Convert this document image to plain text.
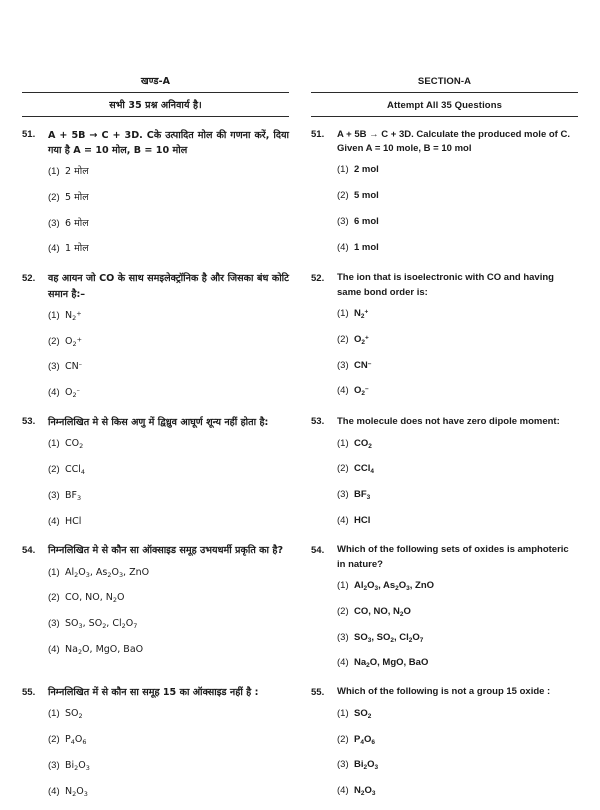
खण्ड-A
सभी 35 प्रश्न अनिवार्य है।
SECTION-A
Attempt All 35 Questions
51.	A + 5B → C + 3D. Cके उत्पादित मोल की गणना करें, दिया गया है A = 10 मोल, B = 10 मोल
(1) 2 मोल
(2) 5 मोल
(3) 6 मोल
(4) 1 मोल
51.	A + 5B → C + 3D. Calculate the produced mole of C. Given A = 10 mole, B = 10 mol
(1) 2 mol
(2) 5 mol
(3) 6 mol
(4) 1 mol
52.	वह आयन जो CO के साथ समइलेक्ट्रॉनिक है और जिसका बंध कोटि समान है:–
(1) $N_2^+$
(2) $O_2^+$
(3) CN–
(4) $O_2^-$
52.	The ion that is isoelectronic with CO and having same bond order is:
(1) $N_2^+$
(2) $O_2^+$
(3) CN–
(4) $O_2^-$
53.	निम्नलिखित मे से किस अणु में द्विध्रुव आघूर्ण शून्य नहीं होता है:
(1) $CO_2$
(2) CCl$_4$
(3) $BF_3$
(4) HCl
53.	The molecule does not have zero dipole moment:
(1) $CO_2$
(2) CCl$_4$
(3) $BF_3$
(4) HCl
54.	निम्नलिखित मे से कौन सा ऑक्साइड समूह उभयधर्मी प्रकृति का है?
(1) $Al_2O_3$, $As_2O_3$, ZnO
(2) CO, NO, $N_2O$
(3) $SO_3$, $SO_2$, $Cl_2O_7$
(4) $Na_2O$, MgO, BaO
54.	Which of the following sets of oxides is amphoteric in nature?
(1) $Al_2O_3$, $As_2O_3$, ZnO
(2) CO, NO, $N_2O$
(3) $SO_3$, $SO_2$, $Cl_2O_7$
(4) $Na_2O$, MgO, BaO
55.	निम्नलिखित में से कौन सा समूह 15 का ऑक्साइड नहीं है :
(1) $SO_2$
(2) $P_4O_6$
(3) $Bi_2O_3$
(4) $N_2O_3$
55.	Which of the following is not a group 15 oxide :
(1) $SO_2$
(2) $P_4O_6$
(3) $Bi_2O_3$
(4) $N_2O_3$
